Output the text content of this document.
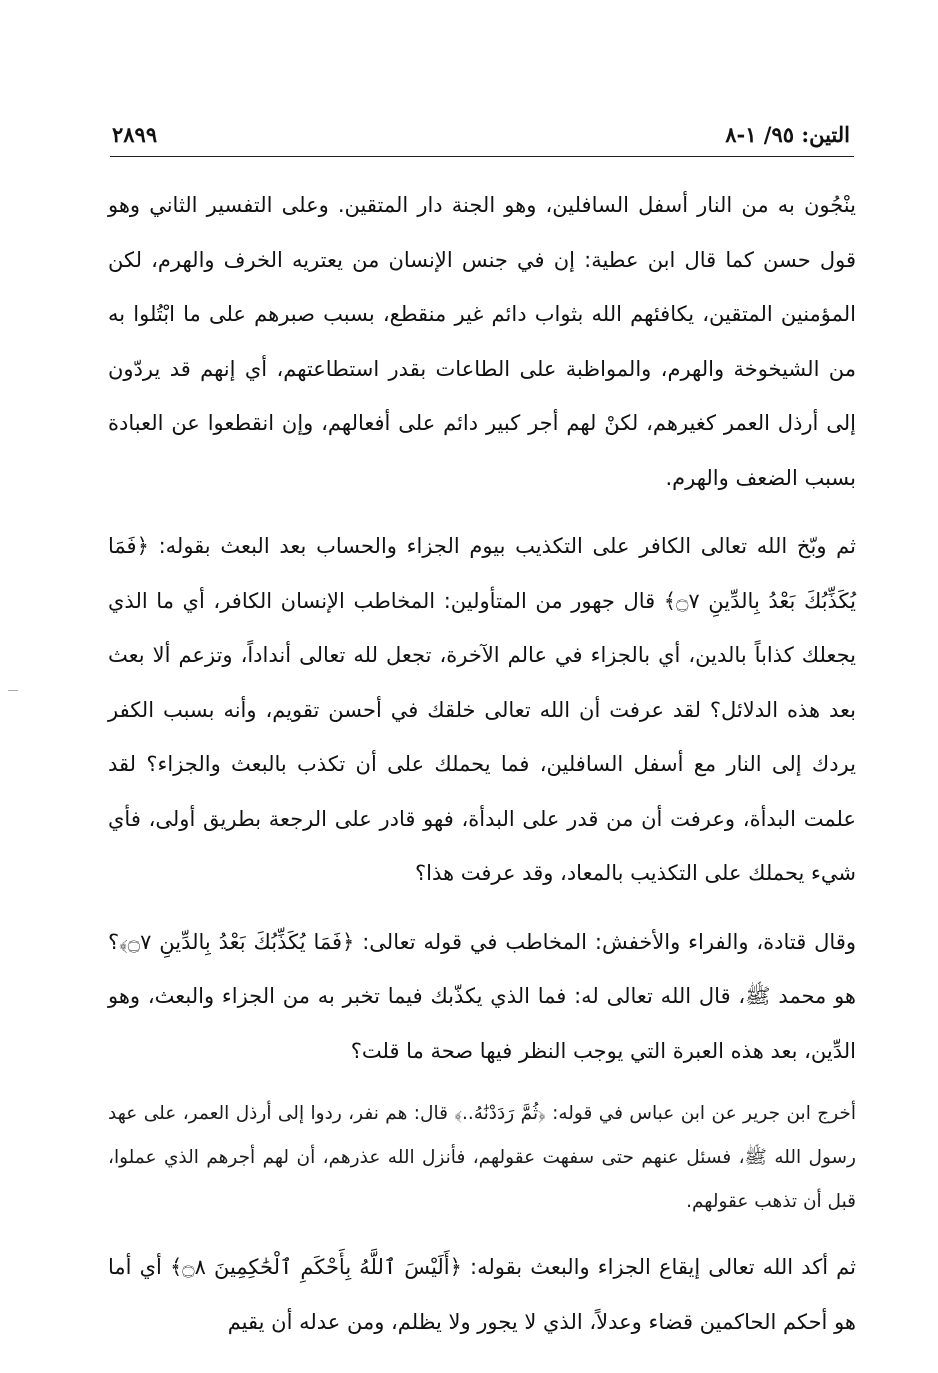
التين: ٩٥/ ١-٨
٢٨٩٩

ينْجُون به من النار أسفل السافلين، وهو الجنة دار المتقين. وعلى التفسير الثاني وهو قول حسن كما قال ابن عطية: إن في جنس الإنسان من يعتريه الخرف والهرم، لكن المؤمنين المتقين، يكافئهم الله بثواب دائم غير منقطع، بسبب صبرهم على ما ابْتُلوا به من الشيخوخة والهرم، والمواظبة على الطاعات بقدر استطاعتهم، أي إنهم قد يردّون إلى أرذل العمر كغيرهم، لكنْ لهم أجر كبير دائم على أفعالهم، وإن انقطعوا عن العبادة بسبب الضعف والهرم.

ثم وبّخ الله تعالى الكافر على التكذيب بيوم الجزاء والحساب بعد البعث بقوله: ﴿فَمَا يُكَذِّبُكَ بَعْدُ بِالدِّينِ ۝٧﴾ قال جهور من المتأولين: المخاطب الإنسان الكافر، أي ما الذي يجعلك كذاباً بالدين، أي بالجزاء في عالم الآخرة، تجعل لله تعالى أنداداً، وتزعم ألا بعث بعد هذه الدلائل؟ لقد عرفت أن الله تعالى خلقك في أحسن تقويم، وأنه بسبب الكفر يردك إلى النار مع أسفل السافلين، فما يحملك على أن تكذب بالبعث والجزاء؟ لقد علمت البدأة، وعرفت أن من قدر على البدأة، فهو قادر على الرجعة بطريق أولى، فأي شيء يحملك على التكذيب بالمعاد، وقد عرفت هذا؟

وقال قتادة، والفراء والأخفش: المخاطب في قوله تعالى: ﴿فَمَا يُكَذِّبُكَ بَعْدُ بِالدِّينِ ۝٧﴾؟ هو محمد ﷺ، قال الله تعالى له: فما الذي يكذّبك فيما تخبر به من الجزاء والبعث، وهو الدِّين، بعد هذه العبرة التي يوجب النظر فيها صحة ما قلت؟

أخرج ابن جرير عن ابن عباس في قوله: ﴿ثُمَّ رَدَدْنَٰهُ..﴾ قال: هم نفر، ردوا إلى أرذل العمر، على عهد رسول الله ﷺ، فسئل عنهم حتى سفهت عقولهم، فأنزل الله عذرهم، أن لهم أجرهم الذي عملوا، قبل أن تذهب عقولهم.

ثم أكد الله تعالى إيقاع الجزاء والبعث بقوله: ﴿أَلَيْسَ ٱللَّهُ بِأَحْكَمِ ٱلْحَٰكِمِينَ ۝٨﴾ أي أما هو أحكم الحاكمين قضاء وعدلاً، الذي لا يجور ولا يظلم، ومن عدله أن يقيم
